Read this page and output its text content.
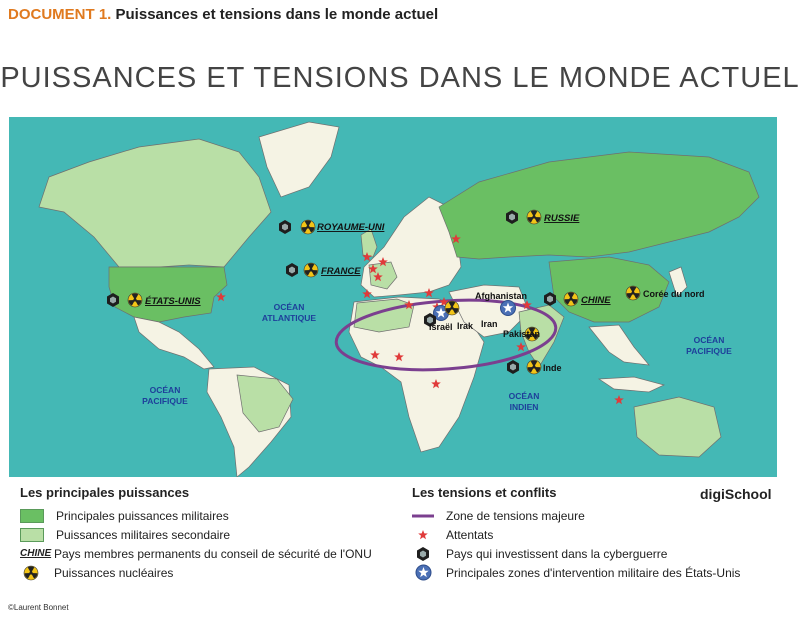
DOCUMENT 1. Puissances et tensions dans le monde actuel
PUISSANCES ET TENSIONS DANS LE MONDE ACTUEL
ROYAUME-UNI
FRANCE
ÉTATS-UNIS
RUSSIE
CHINE
Corée du nord
Afghanistan
Israël Irak Iran
Pakistan
Inde
OCÉAN
ATLANTIQUE
OCÉAN
PACIFIQUE
OCÉAN
PACIFIQUE	OCÉAN
INDIEN
Les principales puissances
Principales puissances militaires
Puissances militaires secondaire
CHINE Pays membres permanents du conseil de sécurité de l'ONU
Puissances nucléaires
Les tensions et conflits
Zone de tensions majeure
Attentats
Pays qui investissent dans la cyberguerre
Principales zones d'intervention militaire des États-Unis
digiSchool
©Laurent Bonnet
